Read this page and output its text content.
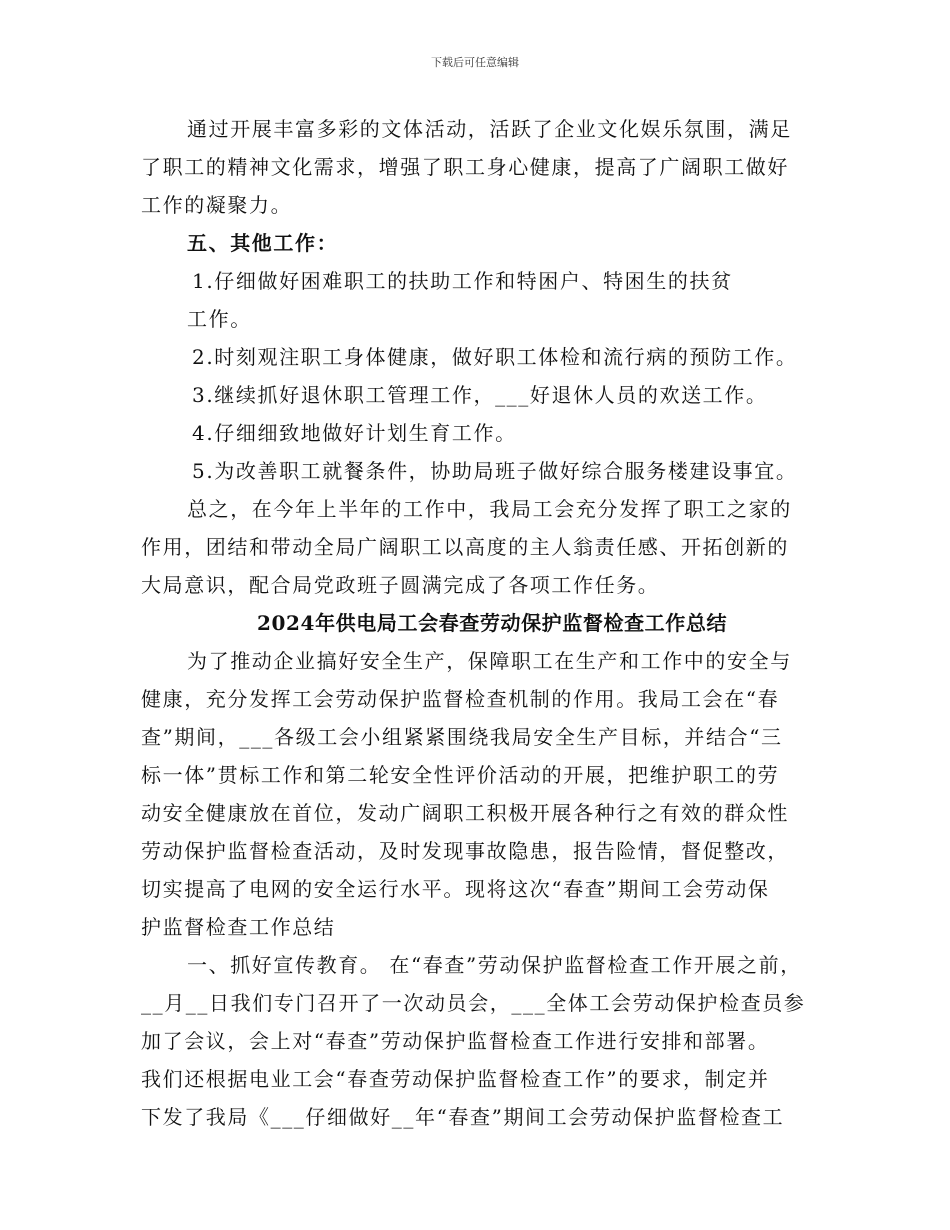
下载后可任意编辑
通过开展丰富多彩的文体活动，活跃了企业文化娱乐氛围，满足
了职工的精神文化需求，增强了职工身心健康，提高了广阔职工做好
工作的凝聚力。
五、其他工作：
1.仔细做好困难职工的扶助工作和特困户、特困生的扶贫
工作。
2.时刻观注职工身体健康，做好职工体检和流行病的预防工作。
3.继续抓好退休职工管理工作，___好退休人员的欢送工作。
4.仔细细致地做好计划生育工作。
5.为改善职工就餐条件，协助局班子做好综合服务楼建设事宜。
总之，在今年上半年的工作中，我局工会充分发挥了职工之家的
作用，团结和带动全局广阔职工以高度的主人翁责任感、开拓创新的
大局意识，配合局党政班子圆满完成了各项工作任务。
2024年供电局工会春查劳动保护监督检查工作总结
为了推动企业搞好安全生产，保障职工在生产和工作中的安全与
健康，充分发挥工会劳动保护监督检查机制的作用。我局工会在“春
查”期间，___各级工会小组紧紧围绕我局安全生产目标，并结合“三
标一体”贯标工作和第二轮安全性评价活动的开展，把维护职工的劳
动安全健康放在首位，发动广阔职工积极开展各种行之有效的群众性
劳动保护监督检查活动，及时发现事故隐患，报告险情，督促整改，
切实提高了电网的安全运行水平。现将这次“春查”期间工会劳动保
护监督检查工作总结
一、抓好宣传教育。 在“春查”劳动保护监督检查工作开展之前，
__月__日我们专门召开了一次动员会，___全体工会劳动保护检查员参
加了会议，会上对“春查”劳动保护监督检查工作进行安排和部署。
我们还根据电业工会“春查劳动保护监督检查工作”的要求，制定并
下发了我局《___仔细做好__年“春查”期间工会劳动保护监督检查工
